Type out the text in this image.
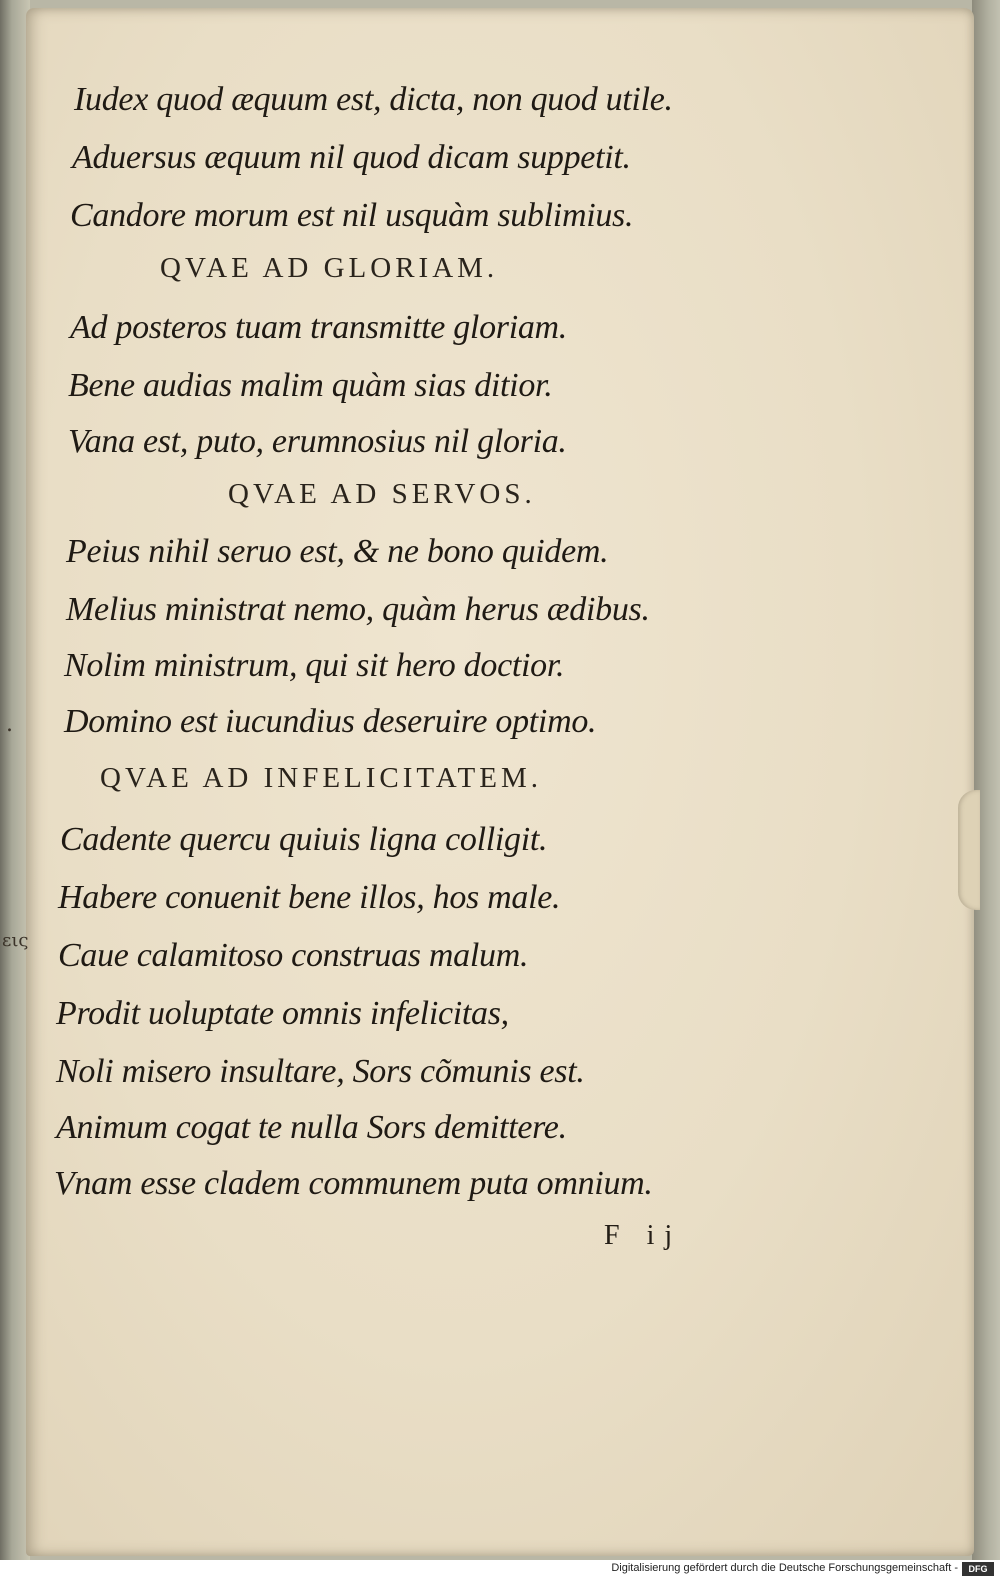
.
εις
Iudex quod æquum est, dicta, non quod utile.
Aduersus æquum nil quod dicam suppetit.
Candore morum est nil usquàm sublimius.
QVAE AD GLORIAM.
Ad posteros tuam transmitte gloriam.
Bene audias malim quàm sias ditior.
Vana est, puto, erumnosius nil gloria.
QVAE AD SERVOS.
Peius nihil seruo est, & ne bono quidem.
Melius ministrat nemo, quàm herus ædibus.
Nolim ministrum, qui sit hero doctior.
Domino est iucundius deseruire optimo.
QVAE AD INFELICITATEM.
Cadente quercu quiuis ligna colligit.
Habere conuenit bene illos, hos male.
Caue calamitoso construas malum.
Prodit uoluptate omnis infelicitas,
Noli misero insultare, Sors cõmunis est.
Animum cogat te nulla Sors demittere.
Vnam esse cladem communem puta omnium.
F ij
Digitalisierung gefördert durch die Deutsche Forschungsgemeinschaft -	DFG
